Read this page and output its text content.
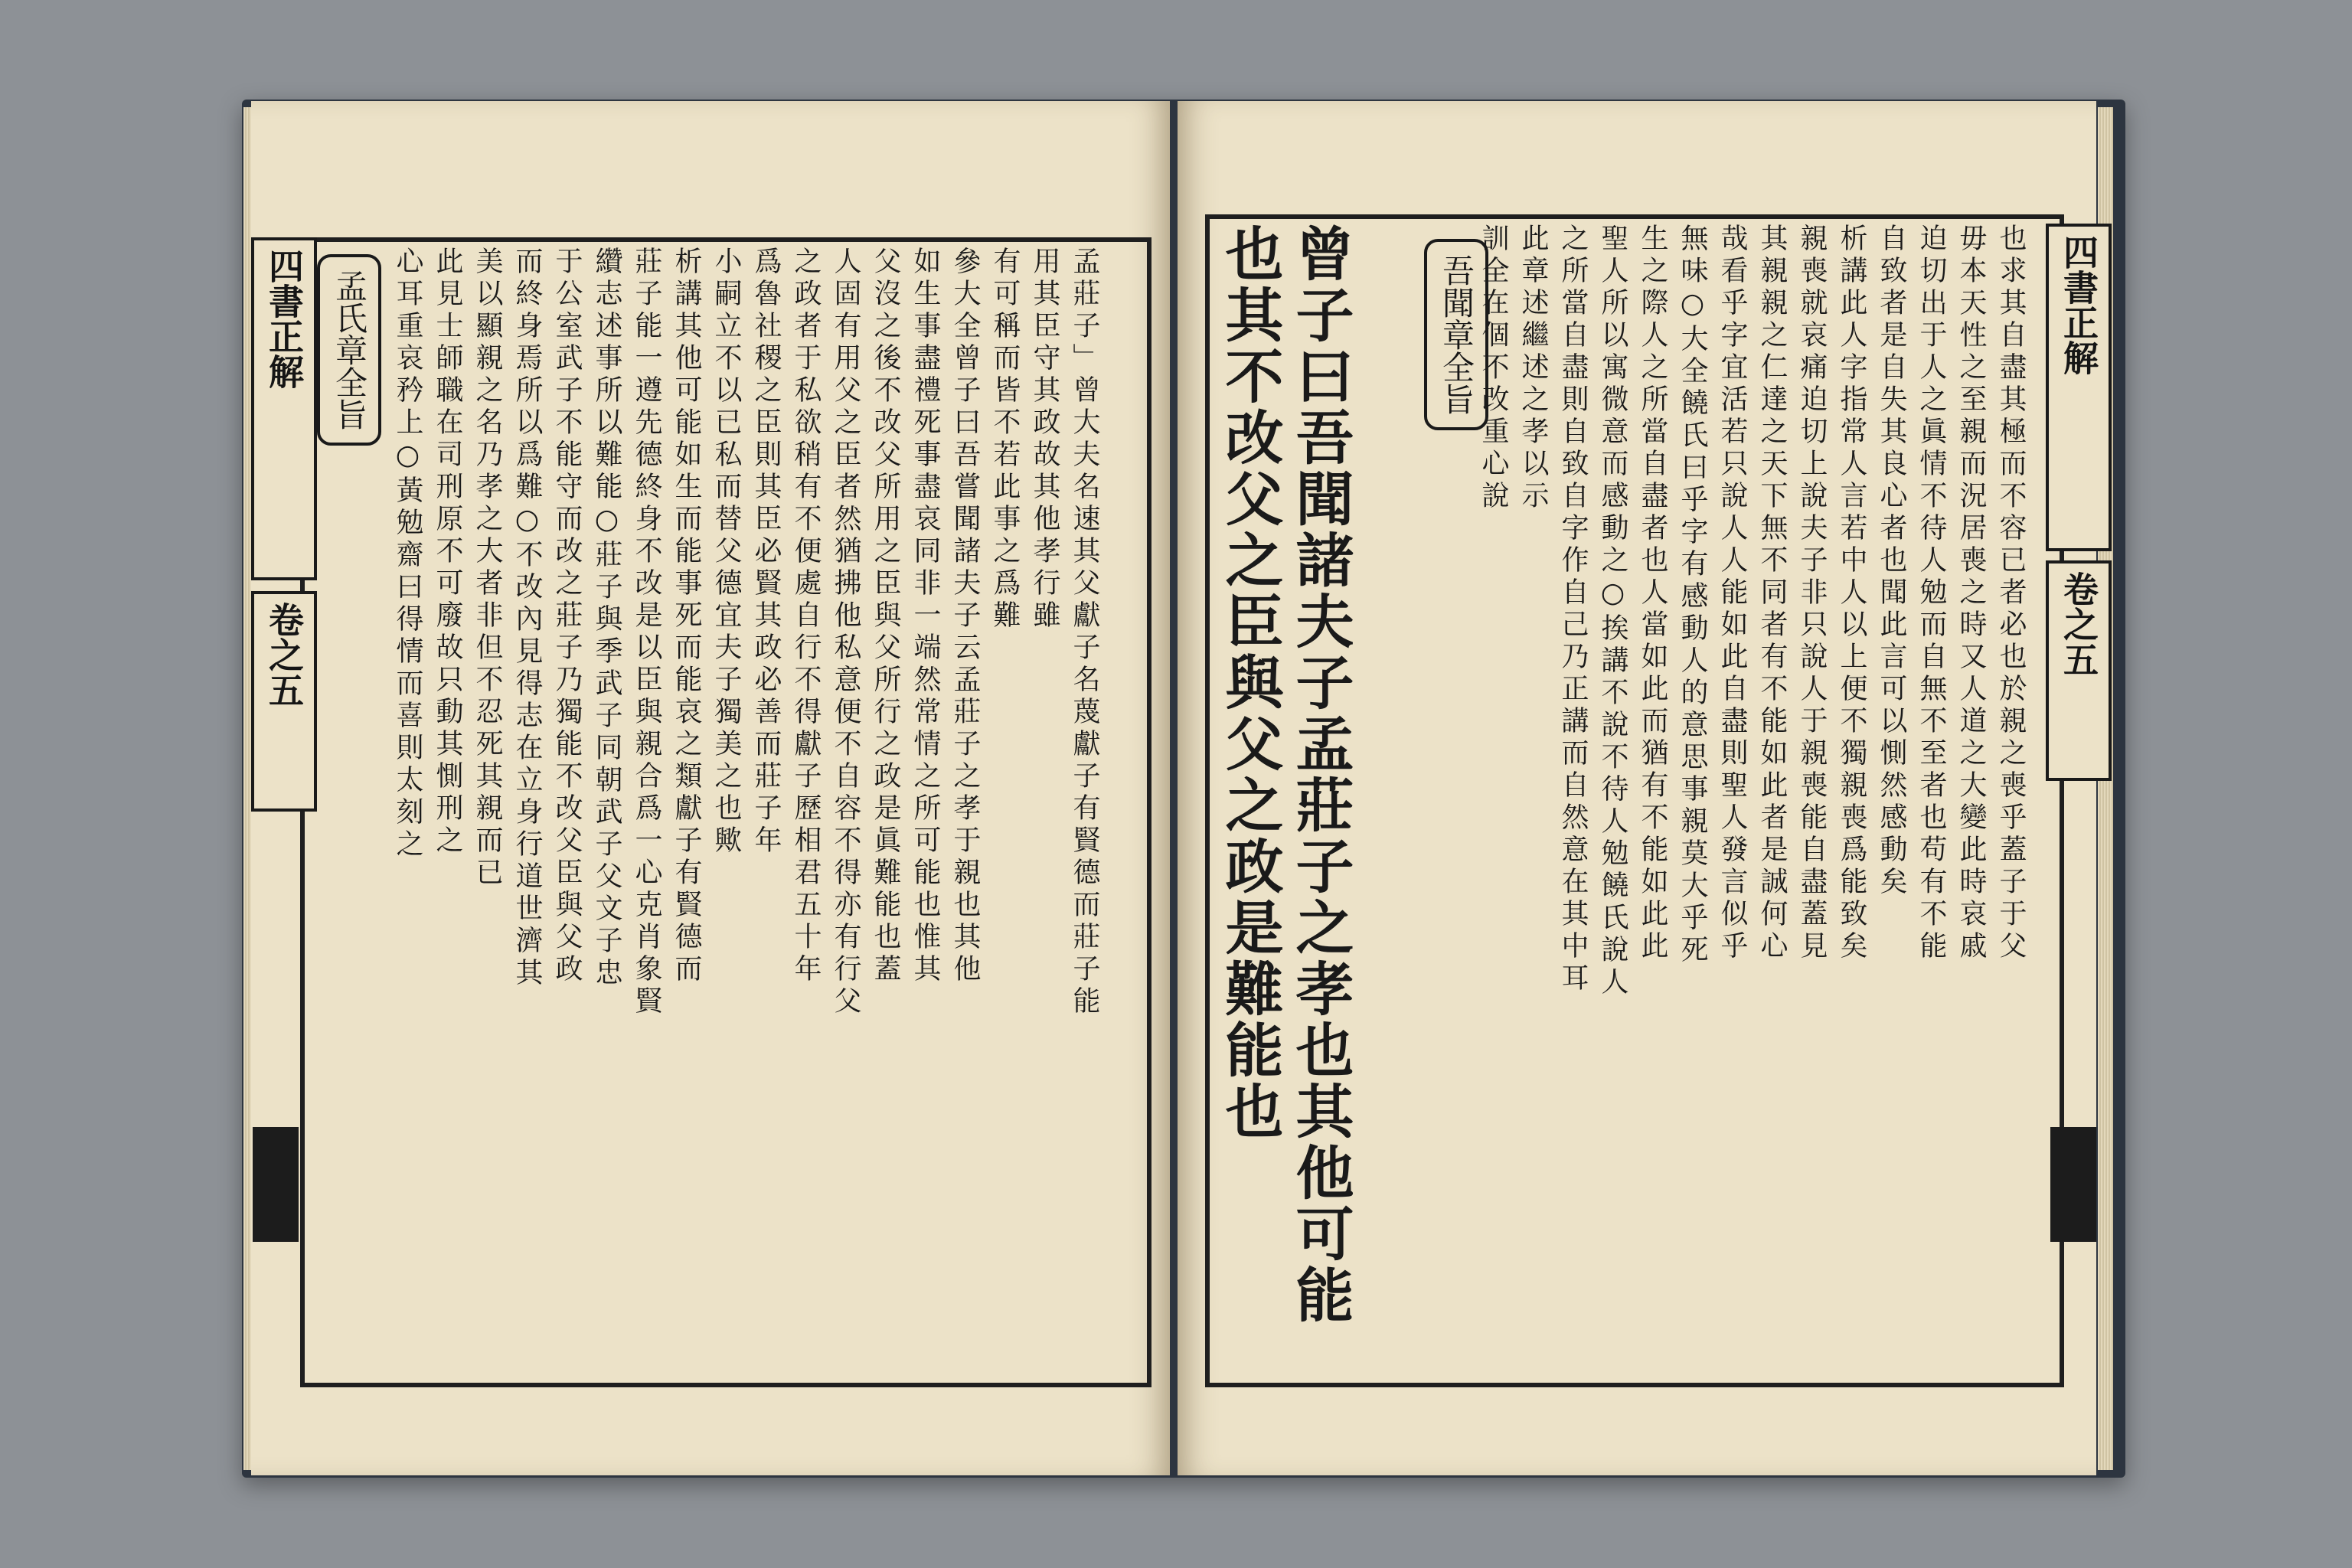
四書正解
卷之五
孟氏章全旨	孟莊子」曾大夫名速其父獻子名蔑獻子有賢德而莊子能
用其臣守其政故其他孝行雖
有可稱而皆不若此事之爲難
參大全曾子曰吾嘗聞諸夫子云孟莊子之孝于親也其他
如生事盡禮死事盡哀同非一端然常情之所可能也惟其
父沒之後不改父所用之臣與父所行之政是眞難能也蓋
人固有用父之臣者然猶拂他私意便不自容不得亦有行父
之政者于私欲稍有不便處自行不得獻子歷相君五十年
爲魯社稷之臣則其臣必賢其政必善而莊子年
小嗣立不以已私而替父德宜夫子獨美之也歟
析講其他可能如生而能事死而能哀之類獻子有賢德而
莊子能一遵先德終身不改是以臣與親合爲一心克肖象賢
纘志述事所以難能○莊子與季武子同朝武子父文子忠
于公室武子不能守而改之莊子乃獨能不改父臣與父政
而終身焉所以爲難○不改內見得志在立身行道世濟其
美以顯親之名乃孝之大者非但不忍死其親而已
此見士師職在司刑原不可廢故只動其惻刑之
心耳重哀矜上○黃勉齋曰得情而喜則太刻之	四書正解
卷之五
吾聞章全旨
曾子曰吾聞諸夫子孟莊子之孝也其他可能
也其不改父之臣與父之政是難能也	也求其自盡其極而不容已者必也於親之喪乎蓋子于父
毋本天性之至親而況居喪之時又人道之大變此時哀戚
迫切出于人之眞情不待人勉而自無不至者也苟有不能
自致者是自失其良心者也聞此言可以惻然感動矣
析講此人字指常人言若中人以上便不獨親喪爲能致矣
親喪就哀痛迫切上說夫子非只說人于親喪能自盡蓋見
其親親之仁達之天下無不同者有不能如此者是誠何心
哉看乎字宜活若只說人人能如此自盡則聖人發言似乎
無味○大全饒氏曰乎字有感動人的意思事親莫大乎死
生之際人之所當自盡者也人當如此而猶有不能如此此
聖人所以寓微意而感動之○挨講不說不待人勉饒氏說人
之所當自盡則自致自字作自己乃正講而自然意在其中耳
此章述繼述之孝以示
訓全在個不改重心說
